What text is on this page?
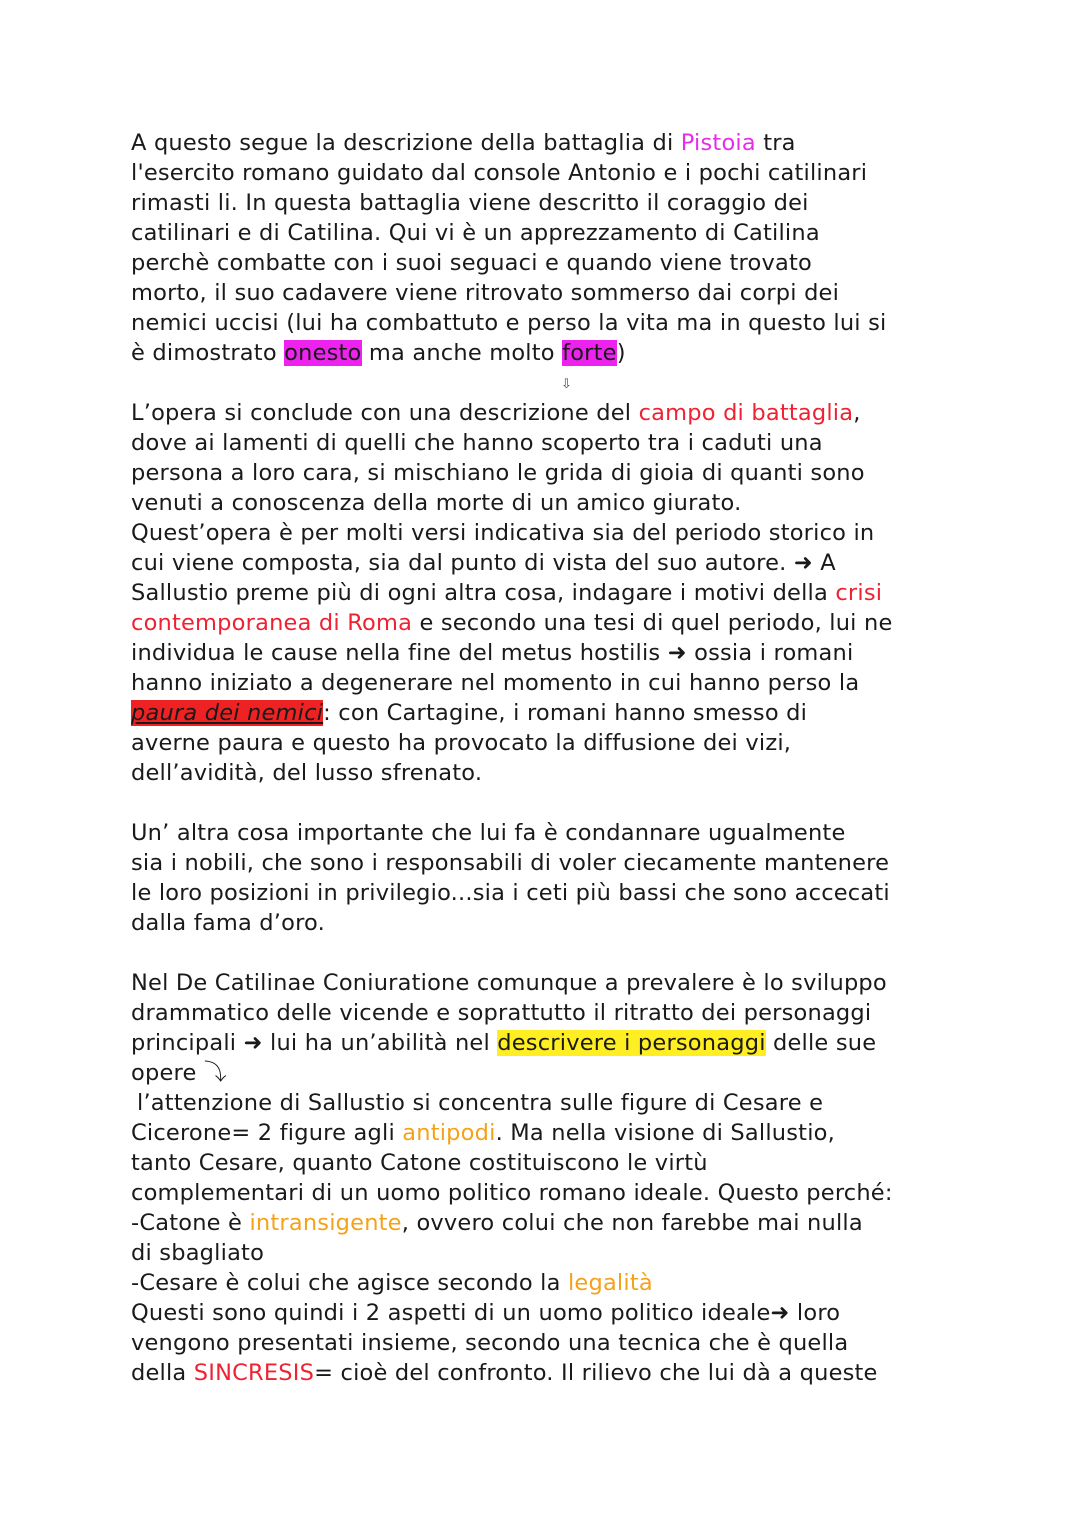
A questo segue la descrizione della battaglia di Pistoia tra
l'esercito romano guidato dal console Antonio e i pochi catilinari
rimasti li. In questa battaglia viene descritto il coraggio dei
catilinari e di Catilina. Qui vi è un apprezzamento di Catilina
perchè combatte con i suoi seguaci e quando viene trovato
morto, il suo cadavere viene ritrovato sommerso dai corpi dei
nemici uccisi (lui ha combattuto e perso la vita ma in questo lui si
è dimostrato onesto ma anche molto forte)
⇩
L’opera si conclude con una descrizione del campo di battaglia,
dove ai lamenti di quelli che hanno scoperto tra i caduti una
persona a loro cara, si mischiano le grida di gioia di quanti sono
venuti a conoscenza della morte di un amico giurato.
Quest’opera è per molti versi indicativa sia del periodo storico in
cui viene composta, sia dal punto di vista del suo autore. ➜ A
Sallustio preme più di ogni altra cosa, indagare i motivi della crisi
contemporanea di Roma e secondo una tesi di quel periodo, lui ne
individua le cause nella fine del metus hostilis ➜ ossia i romani
hanno iniziato a degenerare nel momento in cui hanno perso la
paura dei nemici: con Cartagine, i romani hanno smesso di
averne paura e questo ha provocato la diffusione dei vizi,
dell’avidità, del lusso sfrenato.
Un’ altra cosa importante che lui fa è condannare ugualmente
sia i nobili, che sono i responsabili di voler ciecamente mantenere
le loro posizioni in privilegio...sia i ceti più bassi che sono accecati
dalla fama d’oro.
Nel De Catilinae Coniuratione comunque a prevalere è lo sviluppo
drammatico delle vicende e soprattutto il ritratto dei personaggi
principali ➜ lui ha un’abilità nel descrivere i personaggi delle sue
opere ⤵
l’attenzione di Sallustio si concentra sulle figure di Cesare e
Cicerone= 2 figure agli antipodi. Ma nella visione di Sallustio,
tanto Cesare, quanto Catone costituiscono le virtù
complementari di un uomo politico romano ideale. Questo perché:
-Catone è intransigente, ovvero colui che non farebbe mai nulla
di sbagliato
-Cesare è colui che agisce secondo la legalità
Questi sono quindi i 2 aspetti di un uomo politico ideale➜ loro
vengono presentati insieme, secondo una tecnica che è quella
della SINCRESIS= cioè del confronto. Il rilievo che lui dà a queste
